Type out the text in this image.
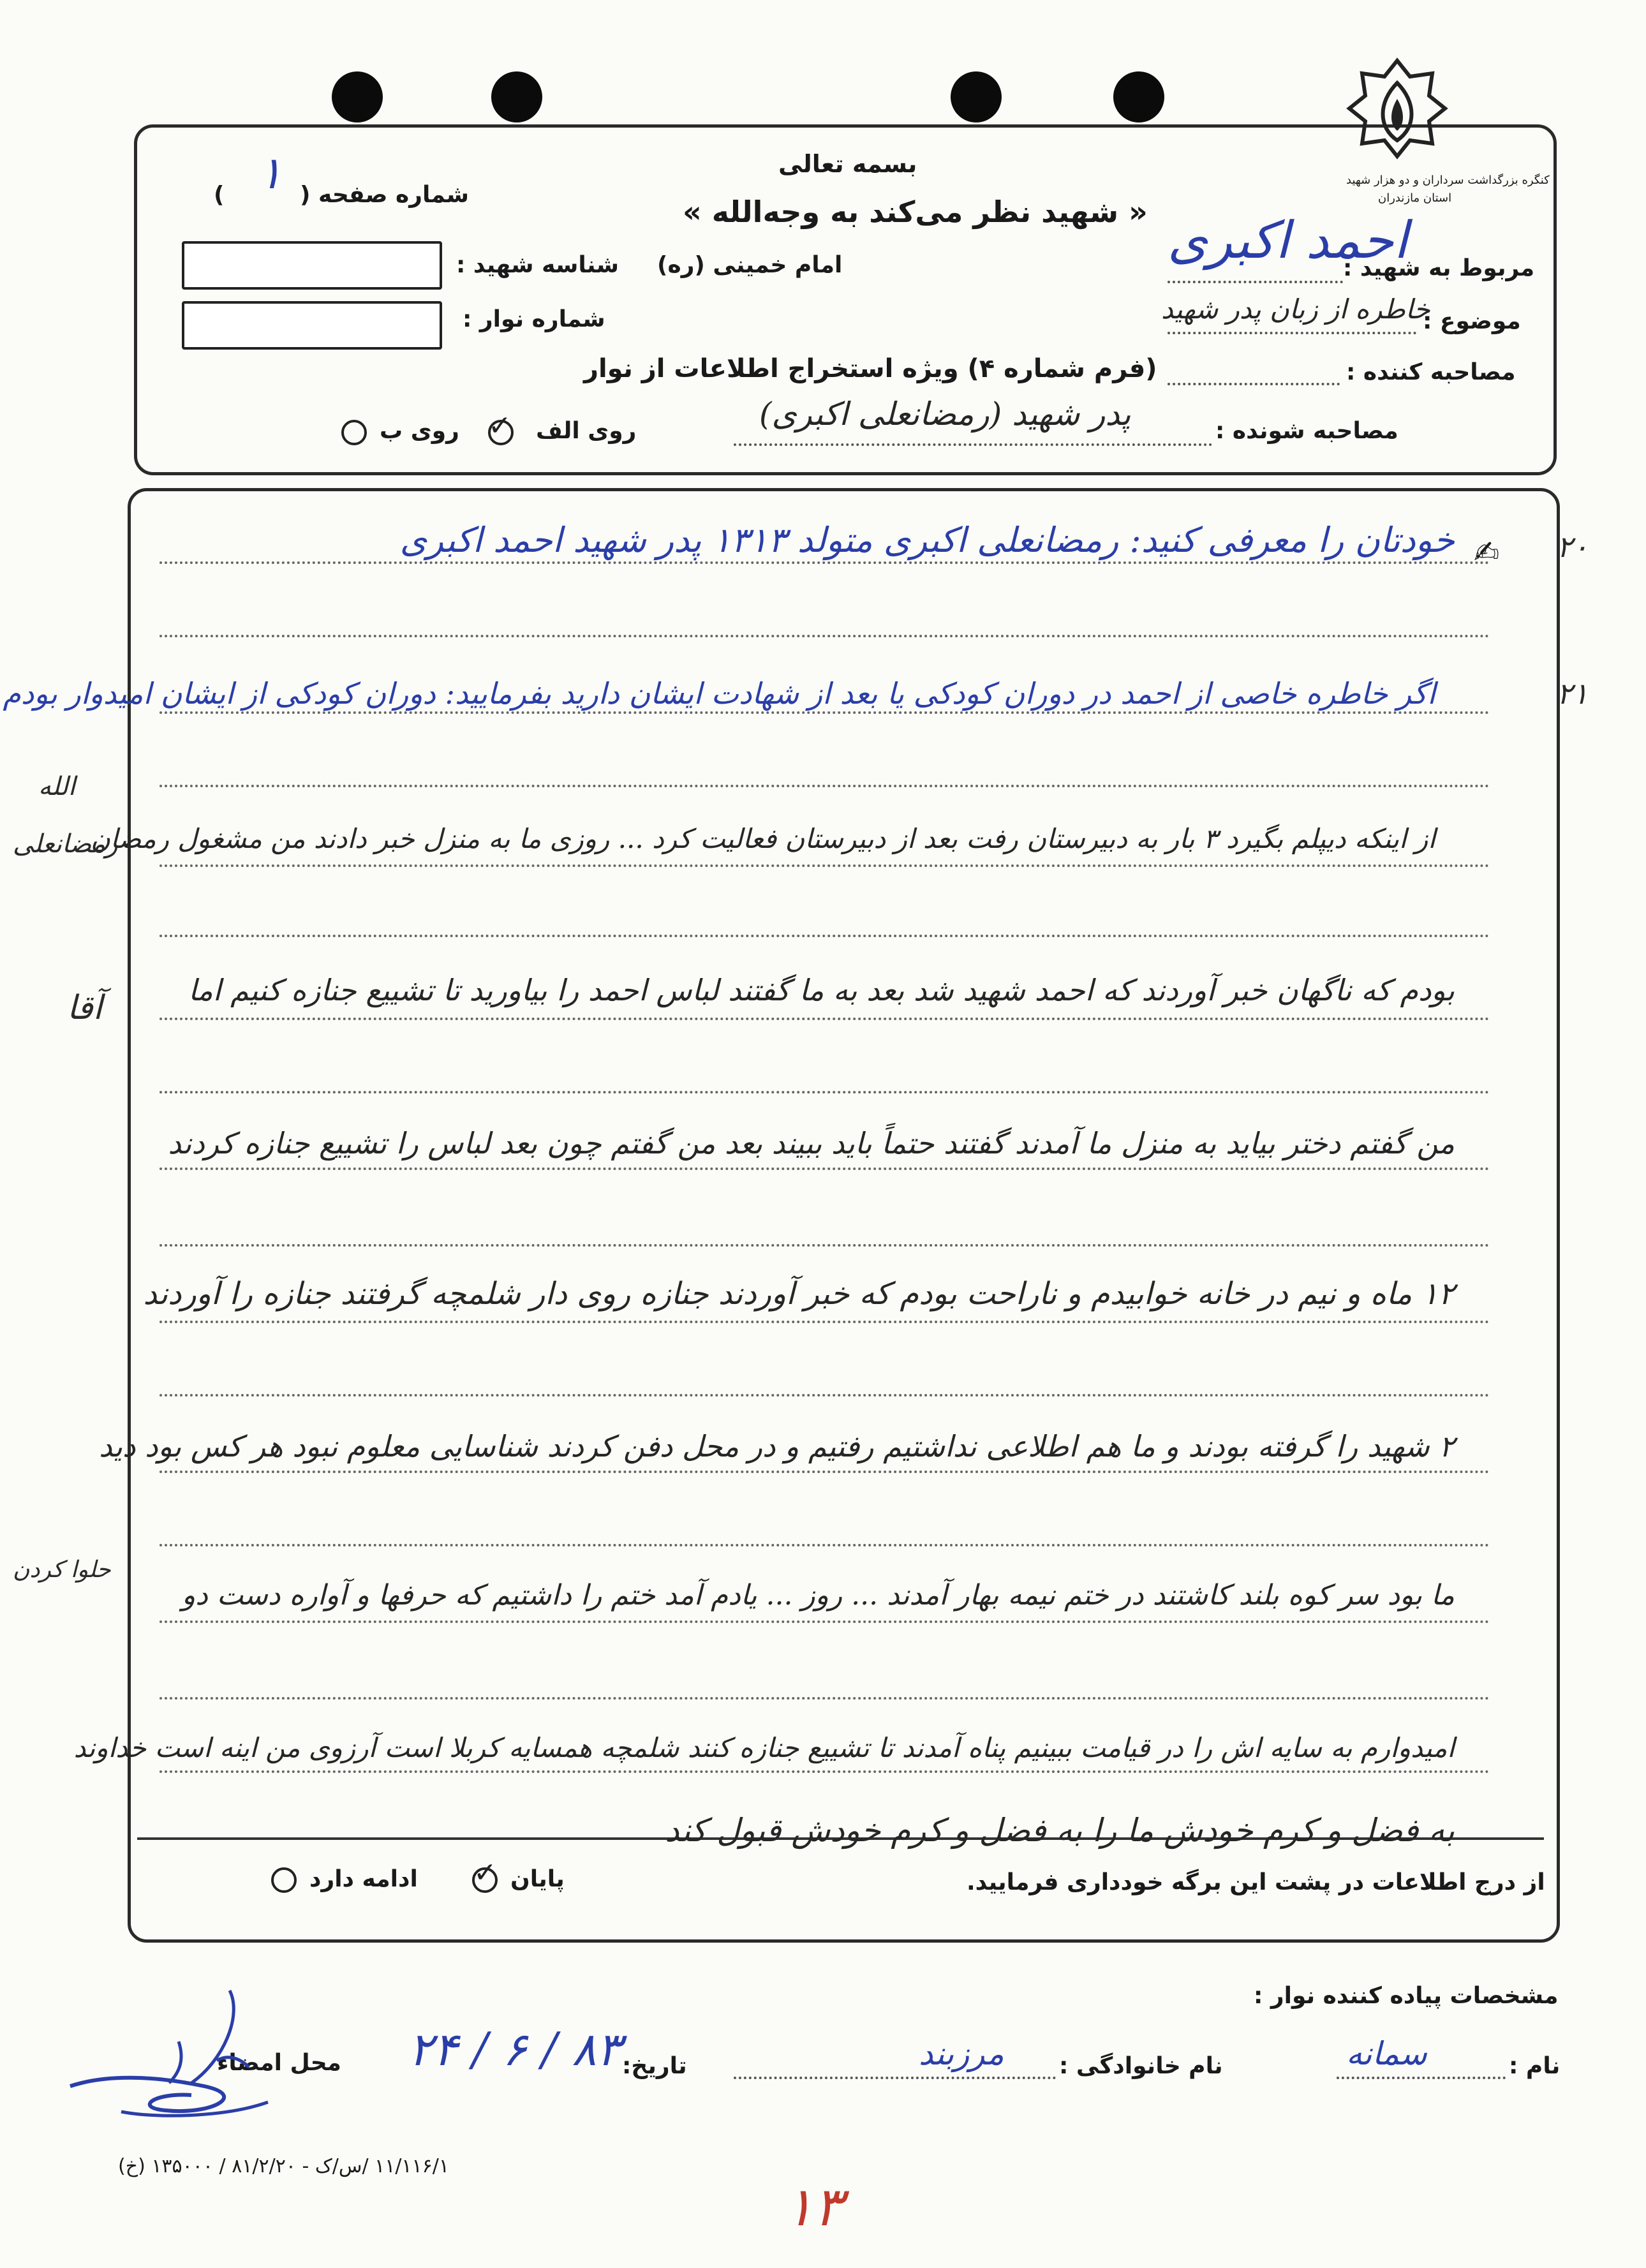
کنگره بزرگداشت سرداران و دو هزار شهید
استان مازندران
بسمه تعالی
« شهید نظر می‌کند به وجه‌الله »
امام خمینی (ره)
شماره صفحه (
) ۱
شناسه شهید :
شماره نوار :
(فرم شماره ۴) ویژه استخراج اطلاعات از نوار
مربوط به شهید :
احمد اکبری
موضوع :
خاطره از زبان پدر شهید
مصاحبه کننده :
مصاحبه شونده :
پدر شهید (رمضانعلی اکبری)
✓ روی الف
روی ب
✍
خودتان را معرفی کنید: رمضانعلی اکبری متولد ۱۳۱۳ پدر شهید احمد اکبری
اگر خاطره خاصی از احمد در دوران کودکی یا بعد از شهادت ایشان دارید بفرمایید: دوران کودکی از ایشان امیدوار بودم
از اینکه دیپلم بگیرد ۳ بار به دبیرستان رفت بعد از دبیرستان فعالیت کرد ... روزی ما به منزل خبر دادند من مشغول رمضان
بودم که ناگهان خبر آوردند که احمد شهید شد بعد به ما گفتند لباس احمد را بیاورید تا تشییع جنازه کنیم اما
من گفتم دختر بیاید به منزل ما آمدند گفتند حتماً باید ببیند بعد من گفتم چون بعد لباس را تشییع جنازه کردند
۱۲ ماه و نیم در خانه خوابیدم و ناراحت بودم که خبر آوردند جنازه روی دار شلمچه گرفتند جنازه را آوردند
۲ شهید را گرفته بودند و ما هم اطلاعی نداشتیم رفتیم و در محل دفن کردند شناسایی معلوم نبود هر کس بود دید
ما بود سر کوه بلند کاشتند در ختم نیمه بهار آمدند ... روز ... یادم آمد ختم را داشتیم که حرفها و آواره دست دو
امیدوارم به سایه اش را در قیامت ببینیم پناه آمدند تا تشییع جنازه کنند شلمچه همسایه کربلا است آرزوی من اینه است خداوند
به فضل و کرم خودش ما را به فضل و کرم خودش قبول کند
۲۰
۲۱
الله
رمضانعلی
آقا
حلوا کردن
ادامه دارد ✓ پایان	از درج اطلاعات در پشت این برگه خودداری فرمایید.
مشخصات پیاده کننده نوار :
نام :
سمانه
نام خانوادگی :
مرزبند
تاریخ:
۸۳ / ۶ / ۲۴
محل امضاء
۱۱/۱۱۶/۱ /س/ک - ۸۱/۲/۲۰ / ۱۳۵۰۰۰ (خ)
۱۳
